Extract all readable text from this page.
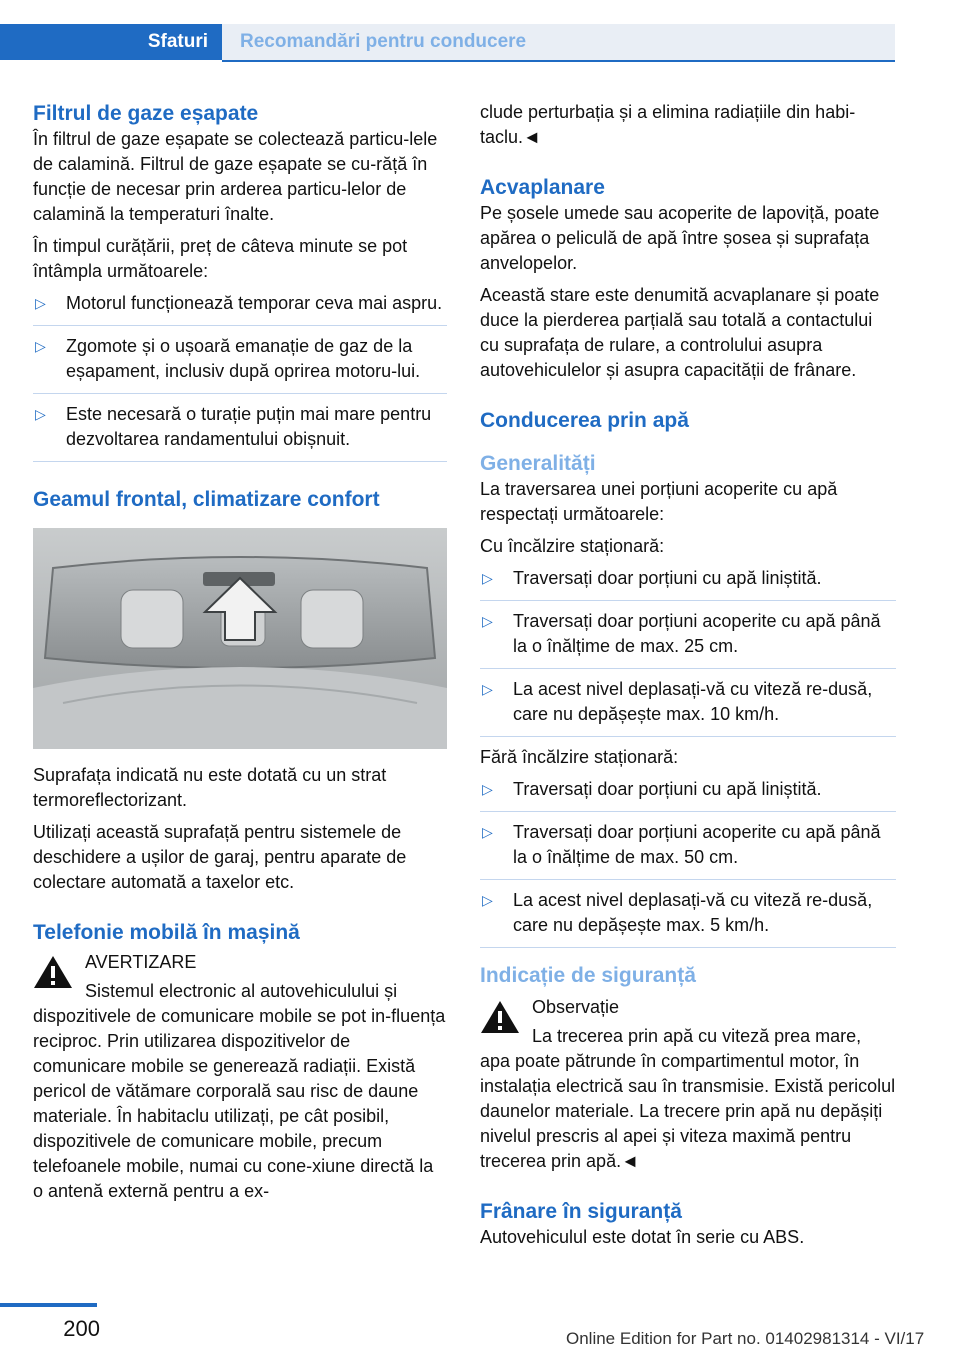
Sfaturi Recomandări pentru conducere
Filtrul de gaze eșapate

În filtrul de gaze eșapate se colectează particu-lele de calamină. Filtrul de gaze eșapate se cu-răță în funcție de necesar prin arderea particu-lelor de calamină la temperaturi înalte.

În timpul curățării, preț de câteva minute se pot întâmpla următoarele:

▷ Motorul funcționează temporar ceva mai aspru.
▷ Zgomote și o ușoară emanație de gaz de la eșapament, inclusiv după oprirea motoru-lui.
▷ Este necesară o turație puțin mai mare pentru dezvoltarea randamentului obișnuit.
Geamul frontal, climatizare confort

Suprafața indicată nu este dotată cu un strat termoreflectorizant.

Utilizați această suprafață pentru sistemele de deschidere a ușilor de garaj, pentru aparate de colectare automată a taxelor etc.

Telefonie mobilă în mașină

AVERTIZARE

Sistemul electronic al autovehiculului și

dispozitivele de comunicare mobile se pot in-fluența reciproc. Prin utilizarea dispozitivelor de comunicare mobile se generează radiații. Există pericol de vătămare corporală sau risc de daune materiale. În habitaclu utilizați, pe cât posibil, dispozitivele de comunicare mobile, precum telefoanele mobile, numai cu cone-xiune directă la o antenă externă pentru a ex-

clude perturbația și a elimina radiațiile din habi-taclu.◄

Acvaplanare

Pe șosele umede sau acoperite de lapoviță, poate apărea o peliculă de apă între șosea și suprafața anvelopelor.

Această stare este denumită acvaplanare și poate duce la pierderea parțială sau totală a contactului cu suprafața de rulare, a controlului asupra autovehiculelor și asupra capacității de frânare.

Conducerea prin apă
Generalități

La traversarea unei porțiuni acoperite cu apă respectați următoarele:

Cu încălzire staționară:

▷ Traversați doar porțiuni cu apă liniștită.
▷ Traversați doar porțiuni acoperite cu apă până la o înălțime de max. 25 cm.
▷ La acest nivel deplasați-vă cu viteză re-dusă, care nu depășește max. 10 km/h.

Fără încălzire staționară:

▷ Traversați doar porțiuni cu apă liniștită.
▷ Traversați doar porțiuni acoperite cu apă până la o înălțime de max. 50 cm.
▷ La acest nivel deplasați-vă cu viteză re-dusă, care nu depășește max. 5 km/h.
Indicație de siguranță

Observație

La trecerea prin apă cu viteză prea mare,

apa poate pătrunde în compartimentul motor, în instalația electrică sau în transmisie. Există pericolul daunelor materiale. La trecere prin apă nu depășiți nivelul prescris al apei și viteza maximă pentru trecerea prin apă.◄

Frânare în siguranță

Autovehiculul este dotat în serie cu ABS.

200	Online Edition for Part no. 01402981314 - VI/17
